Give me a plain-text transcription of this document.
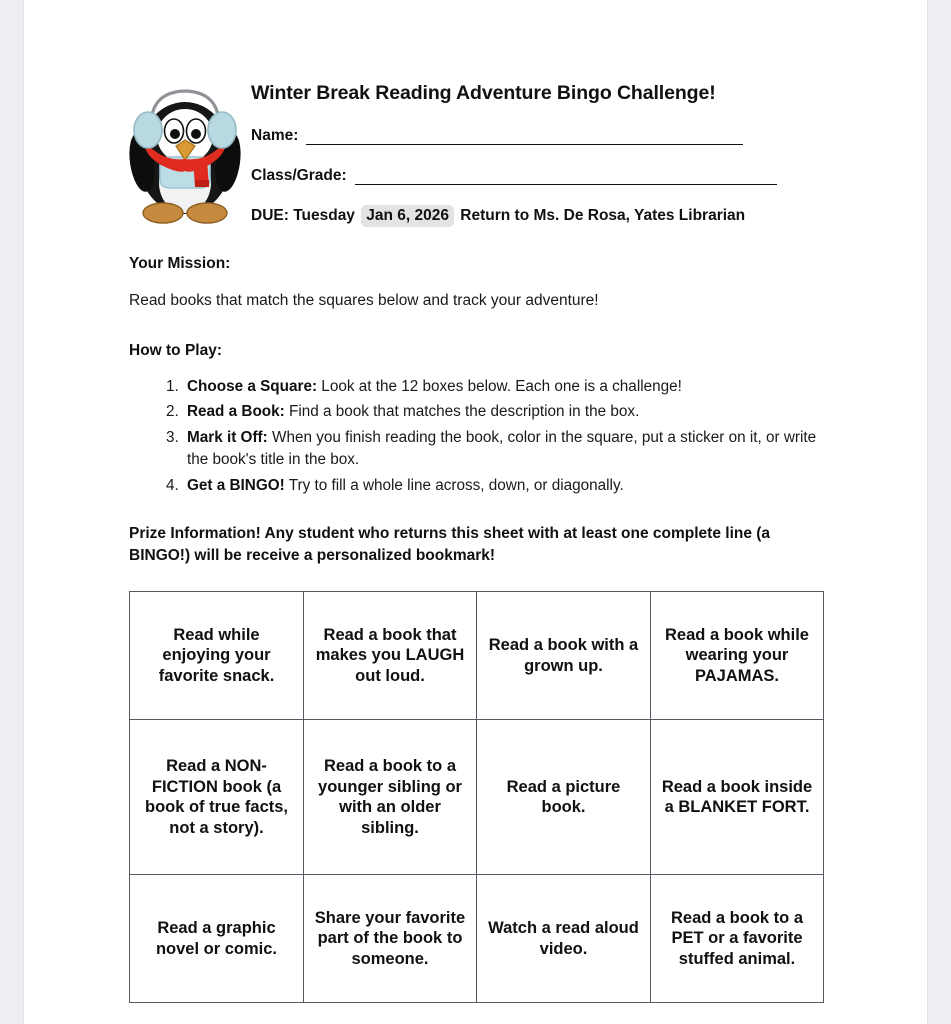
Winter Break Reading Adventure Bingo Challenge!
Name:
Class/Grade:
DUE: Tuesday Jan 6, 2026 Return to Ms. De Rosa, Yates Librarian
Your Mission:

Read books that match the squares below and track your adventure!

How to Play:
1. Choose a Square: Look at the 12 boxes below. Each one is a challenge!
2. Read a Book: Find a book that matches the description in the box.
3. Mark it Off: When you finish reading the book, color in the square, put a sticker on it, or write the book's title in the box.
4. Get a BINGO! Try to fill a whole line across, down, or diagonally.

Prize Information! Any student who returns this sheet with at least one complete line (a BINGO!) will be receive a personalized bookmark!

Read while enjoying your favorite snack.	Read a book that makes you LAUGH out loud.	Read a book with a grown up.	Read a book while wearing your PAJAMAS.
Read a NON-FICTION book (a book of true facts, not a story).	Read a book to a younger sibling or with an older sibling.	Read a picture book.	Read a book inside a BLANKET FORT.
Read a graphic novel or comic.	Share your favorite part of the book to someone.	Watch a read aloud video.	Read a book to a PET or a favorite stuffed animal.
